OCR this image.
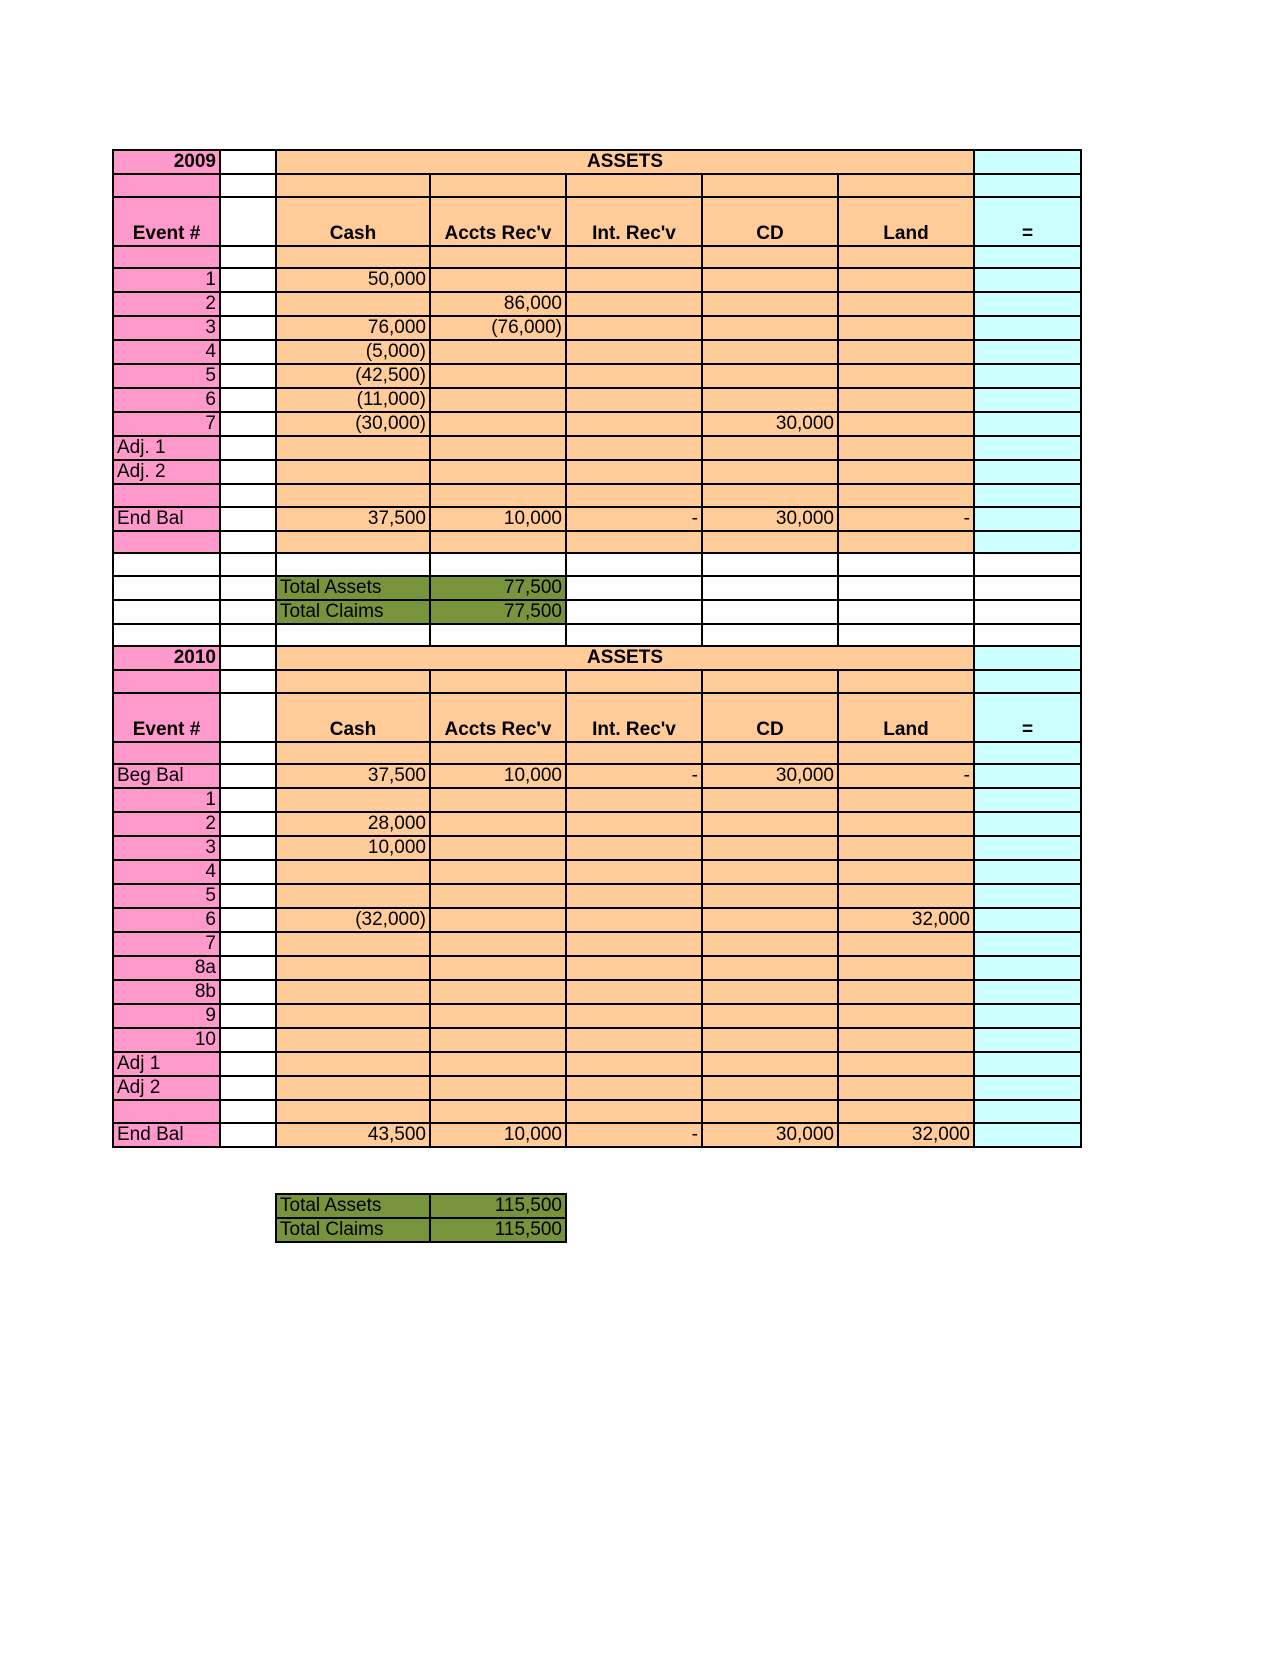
2009		ASSETS					

Event #		Cash	Accts Rec'v	Int. Rec'v	CD	Land	=

1		50,000					
2			86,000				
3		76,000	(76,000)				
4		(5,000)					
5		(42,500)					
6		(11,000)					
7		(30,000)			30,000		
Adj. 1							
Adj. 2							

End Bal		37,500	10,000	-	30,000	-	

		Total Assets	77,500				
		Total Claims	77,500				

2010		ASSETS					

Event #		Cash	Accts Rec'v	Int. Rec'v	CD	Land	=

Beg Bal		37,500	10,000	-	30,000	-	
1							
2		28,000					
3		10,000					
4							
5							
6		(32,000)				32,000	
7							
8a							
8b							
9							
10							
Adj 1							
Adj 2							

End Bal		43,500	10,000	-	30,000	32,000	

		Total Assets	115,500				
		Total Claims	115,500				
